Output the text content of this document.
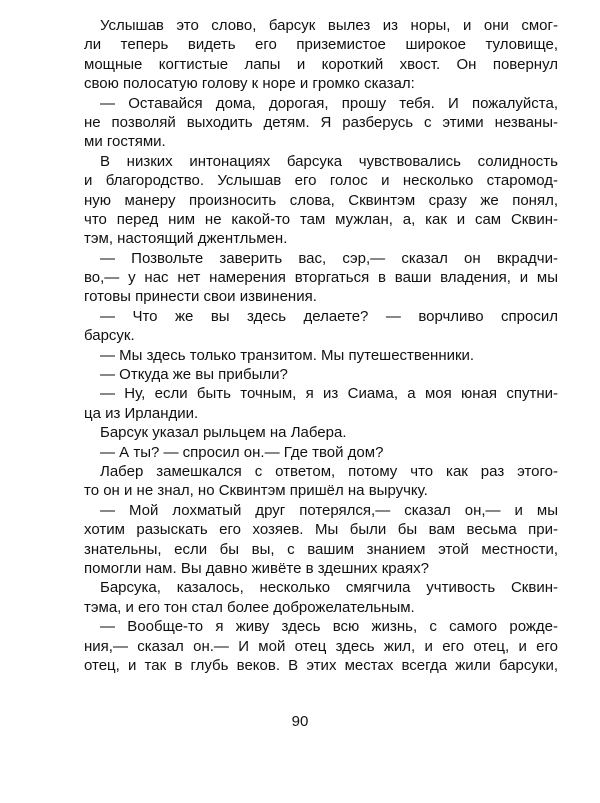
Услышав это слово, барсук вылез из норы, и они смог-
ли теперь видеть его приземистое широкое туловище,
мощные когтистые лапы и короткий хвост. Он повернул
свою полосатую голову к норе и громко сказал:
— Оставайся дома, дорогая, прошу тебя. И пожалуйста,
не позволяй выходить детям. Я разберусь с этими незваны-
ми гостями.
В низких интонациях барсука чувствовались солидность
и благородство. Услышав его голос и несколько старомод-
ную манеру произносить слова, Сквинтэм сразу же понял,
что перед ним не какой-то там мужлан, а, как и сам Сквин-
тэм, настоящий джентльмен.
— Позвольте заверить вас, сэр,— сказал он вкрадчи-
во,— у нас нет намерения вторгаться в ваши владения, и мы
готовы принести свои извинения.
— Что же вы здесь делаете? — ворчливо спросил
барсук.
— Мы здесь только транзитом. Мы путешественники.
— Откуда же вы прибыли?
— Ну, если быть точным, я из Сиама, а моя юная спутни-
ца из Ирландии.
Барсук указал рыльцем на Лабера.
— А ты? — спросил он.— Где твой дом?
Лабер замешкался с ответом, потому что как раз этого-
то он и не знал, но Сквинтэм пришёл на выручку.
— Мой лохматый друг потерялся,— сказал он,— и мы
хотим разыскать его хозяев. Мы были бы вам весьма при-
знательны, если бы вы, с вашим знанием этой местности,
помогли нам. Вы давно живёте в здешних краях?
Барсука, казалось, несколько смягчила учтивость Сквин-
тэма, и его тон стал более доброжелательным.
— Вообще-то я живу здесь всю жизнь, с самого рожде-
ния,— сказал он.— И мой отец здесь жил, и его отец, и его
отец, и так в глубь веков. В этих местах всегда жили барсуки,
90
